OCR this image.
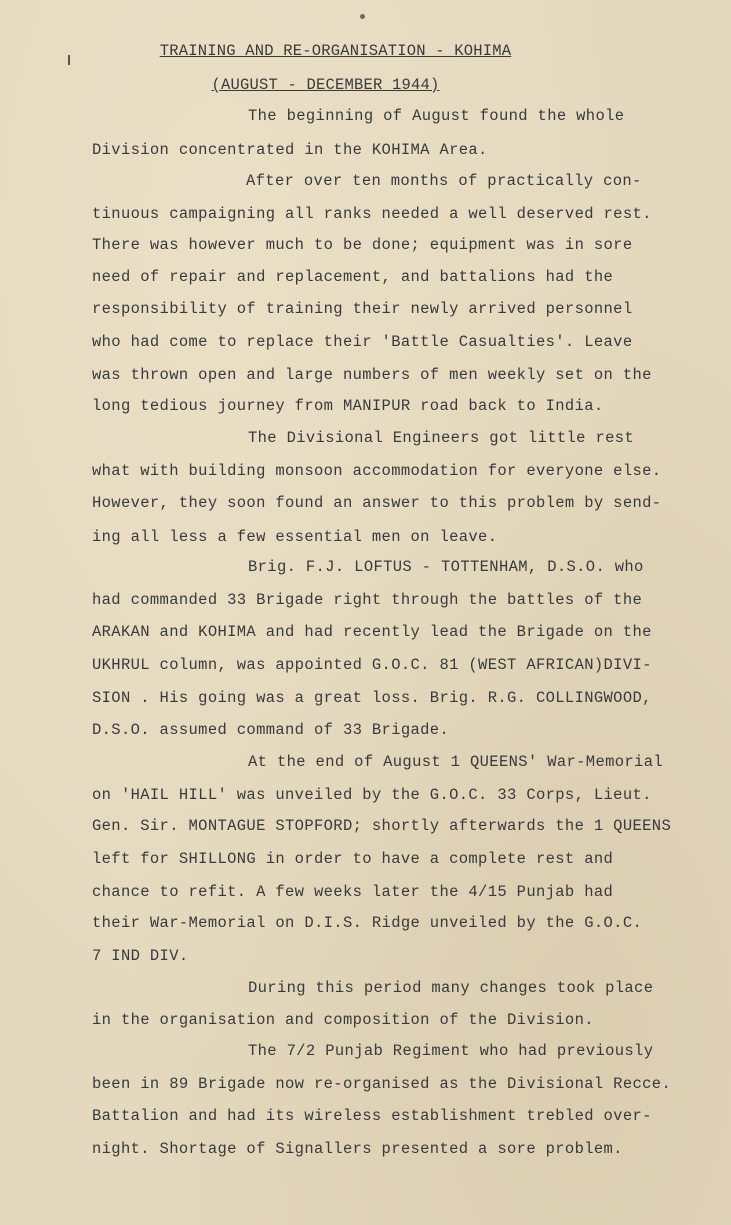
TRAINING AND RE-ORGANISATION - KOHIMA
(AUGUST - DECEMBER 1944)
The beginning of August found the whole
Division concentrated in the KOHIMA Area.
After over ten months of practically con-
tinuous campaigning all ranks needed a well deserved rest.
There was however much to be done; equipment was in sore
need of repair and replacement, and battalions had the
responsibility of training their newly arrived personnel
who had come to replace their 'Battle Casualties'. Leave
was thrown open and large numbers of men weekly set on the
long tedious journey from MANIPUR road back to India.
The Divisional Engineers got little rest
what with building monsoon accommodation for everyone else.
However, they soon found an answer to this problem by send-
ing all less a few essential men on leave.
Brig. F.J. LOFTUS - TOTTENHAM, D.S.O. who
had commanded 33 Brigade right through the battles of the
ARAKAN and KOHIMA and had recently lead the Brigade on the
UKHRUL column, was appointed G.O.C. 81 (WEST AFRICAN)DIVI-
SION . His going was a great loss. Brig. R.G. COLLINGWOOD,
D.S.O. assumed command of 33 Brigade.
At the end of August 1 QUEENS' War-Memorial
on 'HAIL HILL' was unveiled by the G.O.C. 33 Corps, Lieut.
Gen. Sir. MONTAGUE STOPFORD; shortly afterwards the 1 QUEENS
left for SHILLONG in order to have a complete rest and
chance to refit. A few weeks later the 4/15 Punjab had
their War-Memorial on D.I.S. Ridge unveiled by the G.O.C.
7 IND DIV.
During this period many changes took place
in the organisation and composition of the Division.
The 7/2 Punjab Regiment who had previously
been in 89 Brigade now re-organised as the Divisional Recce.
Battalion and had its wireless establishment trebled over-
night. Shortage of Signallers presented a sore problem.
